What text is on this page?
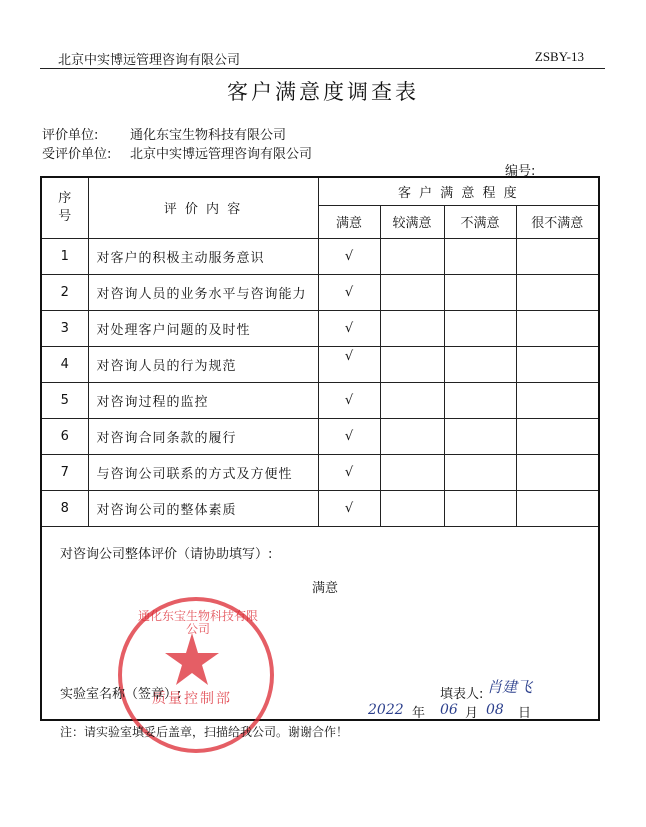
北京中实博远管理咨询有限公司	ZSBY-13
客户满意度调查表
评价单位: 通化东宝生物科技有限公司
受评价单位: 北京中实博远管理咨询有限公司
编号:
序
号	评 价 内 容	客 户 满 意 程 度			
		满意	较满意	不满意	很不满意
1	对客户的积极主动服务意识	√			
2	对咨询人员的业务水平与咨询能力	√			
3	对处理客户问题的及时性	√			
4	对咨询人员的行为规范	√			
5	对咨询过程的监控	√			
6	对咨询合同条款的履行	√			
7	与咨询公司联系的方式及方便性	√			
8	对咨询公司的整体素质	√			

对咨询公司整体评价（请协助填写）:
满意
质量控制部
通化东宝生物科技有限公司
实验室名称（签章）:	填表人: 肖建飞
2022 年 06 月 08 日
注：请实验室填妥后盖章，扫描给我公司。谢谢合作！
